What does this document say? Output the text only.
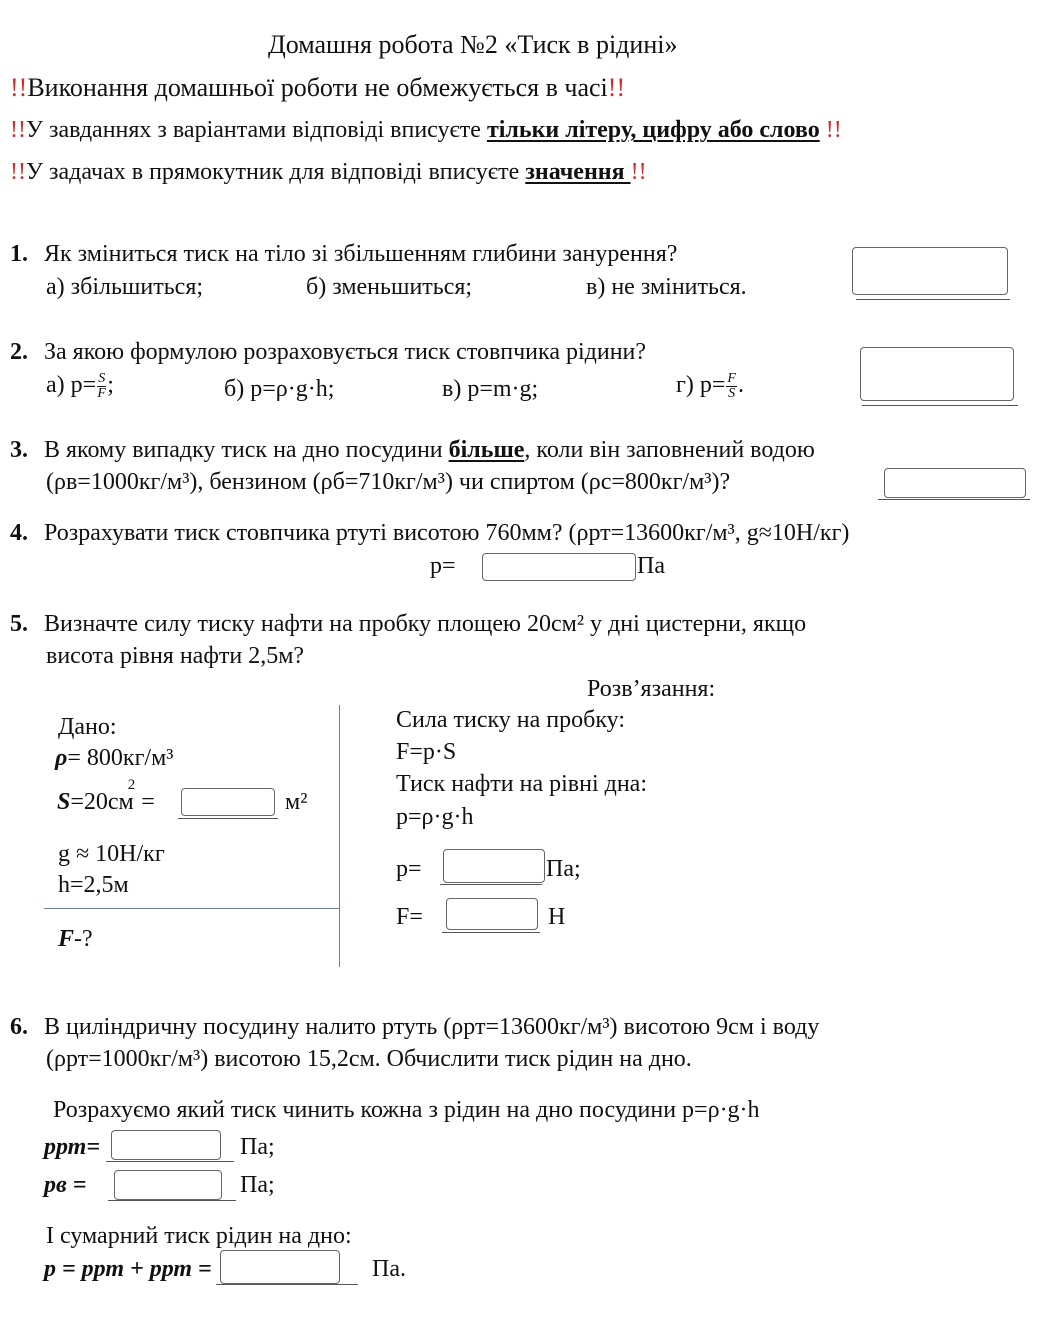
Домашня робота №2 «Тиск в рідині»
!!Виконання домашньої роботи не обмежується в часі!!
!!У завданнях з варіантами відповіді вписуєте тільки літеру, цифру або слово !!
!!У задачах в прямокутник для відповіді вписуєте значення !!
1. Як зміниться тиск на тіло зі збільшенням глибини занурення?
а) збільшиться;	б) зменьшиться;	в) не зміниться.
2. За якою формулою розраховується тиск стовпчика рідини?
а) $p= \frac{S}{F}$ ;	б) p=ρ·g·h;	в) p=m·g;	г) $p= \frac{F}{S}$ .
3. В якому випадку тиск на дно посудини більше, коли він заповнений водою
(ρв=1000кг/м³), бензином (ρб=710кг/м³) чи спиртом (ρс=800кг/м³)?
4. Розрахувати тиск стовпчика ртуті висотою 760мм? (ρрт=13600кг/м³, g≈10Н/кг)
p=	Па
5. Визначте силу тиску нафти на пробку площею 20см² у дні цистерни, якщо
висота рівня нафти 2,5м?
Розв’язання:
Дано:
ρ= 800кг/м³
$S=20см^2=$	м²
g ≈ 10Н/кг
h=2,5м
F-?
Сила тиску на пробку:
F=p·S
Тиск нафти на рівні дна:
p=ρ·g·h
p=	Па;
F=	Н
6. В циліндричну посудину налито ртуть (ρрт=13600кг/м³) висотою 9см і воду
(ρрт=1000кг/м³) висотою 15,2см. Обчислити тиск рідин на дно.
Розрахуємо який тиск чинить кожна з рідин на дно посудини p=ρ·g·h
pрт=	Па;
pв =	Па;
І сумарний тиск рідин на дно:
p = pрт + pрт =	Па.
